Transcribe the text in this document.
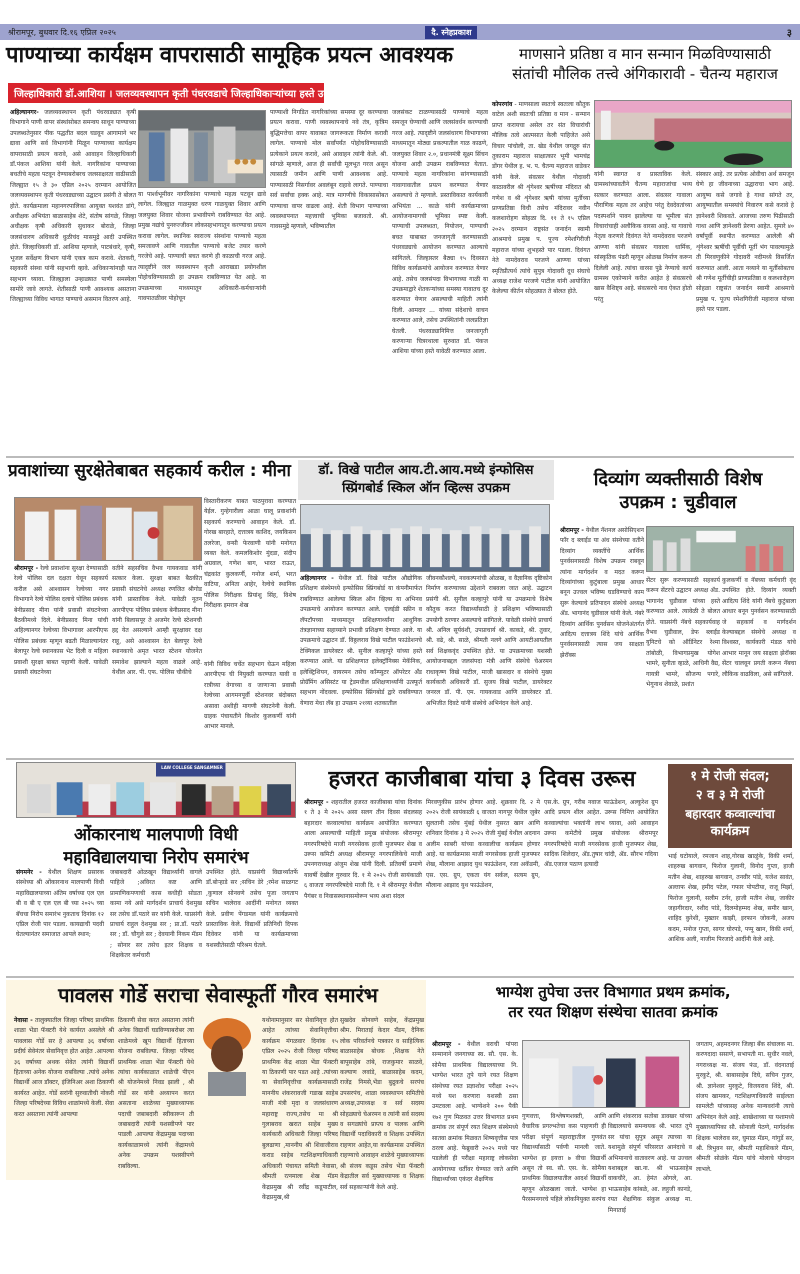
श्रीरामपूर, बुधवार दि.१६ एप्रिल २०२५	दै. स्नेहप्रकाश	३
पाण्याच्या कार्यक्षम वापरासाठी सामूहिक प्रयत्न आवश्यक
जिल्हाधिकारी डॉ.आशिया । जलव्यवस्थापन कृती पंधरवडाचे जिल्हाधिकाऱ्यांच्या हस्ते उदघाटन
अहिल्यानगर- जलव्यवस्थापन कृती पंधरवड्यात कृषी विभागाने पाणी वापर संस्थांसोबत समन्वय साधून पाण्याच्या उपलब्धतेनुसार पीक पद्धतीत बदल घडवून आगामाने भर द्यावा आणि सर्व विभागांनी मिळून पाण्याच्या कार्यक्षम वापरासाठी प्रयत्न करावे, असे आवाहन जिल्हाधिकारी डॉ.पंकज आशिया यांनी केले. नागरिकांना पाण्याच्या बचतीचे महत्व पटवून देण्याबरोबरच जलसाक्षरता वाढीसाठी जिल्ह्यात १५ ते ३० एप्रिल २०२५ दरम्यान आयोजित जलव्यवस्थापन कृती पंधरवड्याच्या उद्घाटन प्रसंगी ते बोलत होते. कार्यक्रमाला महानगरपालिका आयुक्त यशवंत डांगे, अधीक्षक अभियंता बाळासाहेब शेटे, संतोष सांगळे, जिल्हा अधीक्षक कृषी अधिकारी सुधाकर बोराळे, जिल्हा जलसंधारण अधिकारी धुळीचंद मासमुद्रे आदी उपस्थित होते. जिल्हाधिकारी डॉ. आशिया म्हणाले, पाटबंधारे, कृषी, भूजल सर्वेक्षण विभाग यांनी एकत्र काम करावे. शेतकरी, सहकारी संस्था यांनी सहभागी व्हावे. अधिकाऱ्यांनाही यात सहभाग घ्यावा. जिल्ह्याला उन्हाळ्यात पाणी समस्येला सामोरे जावे लागते. शेतीसाठी पाणी आवश्यक असताना जिल्ह्याच्या विविध भागात पाण्याचे असमान वितरण आहे.
या पार्श्वभूमीवर नागरिकांना पाण्याचे महत्व पटवून द्यावे लागेल. जिल्ह्यात गाळमुक्त धरण गाळयुक्त शिवार आणि जलयुक्त शिवार योजना प्रभावीपणे राबविण्यात येत आहे. प्रमुख नद्यांचे पुनरुज्जीवन लोकसहभागातून करण्याचा प्रयत्न करावा लागेल. स्थानिक स्वराज्य संस्थांना पाण्याचे महत्व समजावणे आणि गावातील पाण्याचे बजेट तयार करणे गरजेचे आहे. पाण्याची बचत करणे ही काळाची गरज आहे. त्यादृष्टीने जल व्यवस्थापन कृती आराखडा प्रयोगशील पोहोचविण्यासाठी हा उपक्रम राबविण्यात येत आहे. या उपक्रमाच्या माध्यमातून अधिकारी-कर्मचाऱ्यांनी गावपातळीवर पोहोचून
पाण्याशी निगडित नागरिकांच्या समस्या दूर करण्याचा प्रयत्न करावा. पाणी व्यवस्थापनाचे नवे तंत्र, कृत्रिम बुद्धिमत्तेचा वापर यावाबत जागरूकता निर्माण करावी लागेल. पाण्याचे मोल सर्वांपर्यंत पोहोचविण्यासाठी प्रत्येकाने प्रयत्न करावे, असे आवाहन त्यांनी केले. श्री. सांगळे म्हणाले, आज ही सर्वांची मूलभूत गरज असून त्यासाठी जमीन आणि पाणी आवश्यक आहे. पाण्यासाठी निसर्गावर अवलंबून राहावे लागते. पाण्याचा सर्व सर्वांचा हक्क आहे. मात्र मागणीचे विकासासोबत पाण्याचा वापर वाढला आहे. शेती विभाग पाण्याच्या व्यवस्थापनात महत्त्वाची भूमिका बजावतो. श्री. गावसमुद्रे म्हणाले, भविष्यातील
जलसंकट टाळण्यासाठी पाण्याचे महत्व समजून घेण्याची आणि जलसंवर्धन करण्याची गरज आहे. त्यादृष्टीने जलसंधारण विभागाच्या माध्यमातून मोठ्या प्रकल्पातील गाळ काढणे, जलयुक्त शिवार २.०, प्रधानमंत्री सूक्ष्म सिंचन योजना आदी उपक्रम राबविण्यात येतात. पाण्याचे महत्व नागरिकांना सांगण्यासाठी गावागावातील प्रयत्न करण्यात येणार असल्याचे ते म्हणाले. प्रस्ताविकात कार्यकारी अभियंता ... काळे यांनी कार्यक्रमाच्या आयोजनामागची भूमिका स्पष्ट केली. पाण्याची उपलब्धता, नियोजन, पाण्याची बचत याबाबत जनजागृती करण्यासाठी पंधरवड्याचे आयोजन करण्यात आल्याचे सांगितले. जिल्हास्तर बैठ्या १५ दिवसात विविध कार्यक्रमांचे आयोजन करण्यात येणार आहे. तसेच जलसंपदा विभागाच्या गाळी या उपक्रमाद्वारे शेतकऱ्यांच्या समस्या गावातच दूर करण्यात येणार असल्याची माहिती त्यांनी दिली. आमदार ... यांच्या संदेशाचे वाचन करण्यात आले, तसेच उपस्थितांनी जलप्रतिज्ञा घेतली. पंधरवड्यानिमित्त जनजागृती करणाऱ्या चित्ररथाला सुरुवात डॉ. पंकज आशिया यांच्या हस्ते यावेळी करण्यात आला.
माणसाने प्रतिष्ठा व मान सन्मान मिळविण्यासाठी
संतांची मौलिक तत्त्वे अंगिकारावी - चैतन्य महाराज
कोपरगांव - माणसाला स्वतःचे स्वतःला कौतुक वाटेल अशी स्वतःची प्रतिष्ठा व मान - सन्मान प्राप्त करायचा असेल तर संत विचारांची मौलिक तत्वे आत्मसात केली पाहिजेत असे विचार पांचोली, ता. खेड येथील जगद्गुरु संत तुकाराम महाराज साक्षात्कार भूमी भामचंद्र डोंगर येथील ह. भ. प. चैतन्य महाराज वाडेकर यांनी केले. संवत्सर येथील गोदावरी काठावरील श्री शृंगेश्वर ऋषींच्या मंदिरात श्री गणेश व श्री शृंगेश्वर ऋषी यांच्या मूर्तीच्या प्राणप्रतिष्ठा विधी तसेच मंदिरावर नवीन कलशारोहण सोहळा दि. ११ ते १५ एप्रिल २०२५ दरम्यान राष्ट्रसंत जनार्दन स्वामी आश्रमाचे प्रमुख प. पूज्य रमेशगिरीजी महाराज यांच्या शुभहस्ते पार पडला. दिवंगत नेते नामदेवराव परजणे आण्णा यांच्या स्मृतिप्रीत्यर्थ त्यांचे सुपुत्र गोदावरी दूध संघाचे अध्यक्ष राजेश परजणे पाटील यांनी आयोजित केलेल्या कीर्तन सोहळ्यात ते बोलत होते.
यांनी स्वागत व प्रास्ताविक केले. ग्रामस्थांच्यावतीने चैतन्य महाराजांचा भव्य सत्कार करण्यात आला. संवत्सर गावाला पौराणिक महत्व तर आहेच परंतु देवदेवतांच्या पदस्पर्शाने पावन झालेल्या या भूमीला संत विचारांचाही अलौकिक वारसा आहे. या गावाचे नेतृत्व करणारे दिवंगत नेते नामदेवराव परजणे आण्णा यांनी संवत्सर गावाला धार्मिक, सांस्कृतिक पंढरी म्हणून ओळख निर्माण करून दिलेली आहे. त्यांचा वारसा पुढे नेण्याचे कार्य ग्रामस्थ एकोप्याने करीत आहेत हे संवत्सरचे खास वैशिष्ट्य आहे. संवत्सरचे नाव ऐकत होतो परंतु
संस्कार आहे. तर प्रत्येक ओवीचा अर्थ समजून घेणे हा जीवनाच्या उद्धाराचा भाग आहे. आयुष्य कसे जगावे हे गाथा सांगते तर, आयुष्यातील समस्यांचे निवारण कसे करावे हे ज्ञानेश्वरी शिकवते. आजच्या तरुण पिढीसाठी गाथा आणि ज्ञानेश्वरी प्रेरणा आहेत. सुमारे ४० वर्षांपूर्वी स्थापीत करण्यात आलेली श्री शृंगेश्वर ऋषींची पूर्वीची मूर्ती भंग पावल्यामुळे ती मिरवणुकीने गोदावरी नदीमध्ये विसर्जित करण्यात आली. आता नव्याने या मूर्तीसोबतच श्री गणेश मूर्तीचीही प्राणप्रतिष्ठा व कलशारोहण सोहळा राष्ट्रसंत जनार्दन स्वामी आश्रमाचे प्रमुख प. पूज्य रमेशगिरीजी महाराज यांच्या हस्ते पार पडला.
प्रवाशांच्या सुरक्षेतेबाबत सहकार्य करील : मीना
विस्तारीकरण याबत पाठपुरावा करण्यात येईल. गुन्हेगारीला आळा घालू प्रवाशांनी सहकार्य करण्याचे आवाहन केले. डॉ. गोरख बारहाते, दत्तात्रय काशिद, जयकिसन तलरेजा, वन्सी फेरवाणी यांनी मनोगत व्यक्त केले. कमलकिशोर मुंदडा, संदीप अग्रवाल, गणेश बाग, भारत राऊत, चंद्रकांत कुलकर्णी, गनोज शर्मा, भरत वाटिया, अनिता आहेर, रेल्वेचे स्थानिक पोलिस निरीक्षक प्रियांशु सिंह, विशेष निरीक्षक इमरान शेख
श्रीरामपूर - रेल्वे प्रवाशांना सुरक्षा देण्यासाठी रेल्वे पोलिस दल दक्षता घेवून सहकार्य करील असे आश्वासन रेल्वेच्या नगर विभागाने रेल्वे पोलिस दलाचे पोलिस प्रबंधक बेनीप्रसाद मीना यांनी प्रवासी संघटनेच्या बैठकीमध्ये दिले. बेनीप्रसाद मिना यांची अहिल्यानगर रेल्वेच्या विभागावर आरपीएफ पोलिस प्रबंधक म्हणून बढती मिळाल्यानंतर बेलापूर रेल्वे स्थानकास भेट दिली व महिला प्रवाशी सुरक्षा बाबत पहाणी केली. यावेळी प्रवासी संघटनेच्या
वतीने सहसचिव वैभव गायकवाड यांनी सत्कार केला. सुरक्षा बाबत बैठकीत प्रवासी संघटनेचे अध्यक्ष रणजित श्रीगोड यांनी प्रास्ताविक केले. यावेळी नूतन आरपीएफ पोलिस प्रबंधक बेनीप्रसाद मीना यांनी बिलासपूर ते अजमेर रेल्वे स्टेशनची हद्द येत असल्याने आम्ही सुरक्षावर दक्ष राहू, असे आश्वासन देत बेलापूर रेल्वे स्थानकाचे अमृत भारत स्टेशन योजनेत समावेश झाल्याने महत्व वाढले आहे. येथील आर. पी. एफ. पोलिस चौकीचे
यांनी विविध चर्चेत सहभाग घेऊन महिला आरपीएफ ची नियुक्ती करण्यात यावी व रात्रीच्या वेगाच्या व जाणाऱ्या प्रवासी रेल्वेच्या आगमनपूर्वी स्टेशनवर बंदोबस्त असावा अशीही मागणी संघटनेनी केली. ग्राहक पंचायतीने किशोर कुलकर्णी यांनी आभार मानले.
डॉ. विखे पाटील आय.टी.आय.मध्ये इंन्फोसिस
स्प्रिंगबोर्ड स्किल ऑन व्हिल्स उपक्रम
अहिल्यानगर - येथील डॉ. विखे पाटील औद्योगिक प्रशिक्षण संस्थेमध्ये इन्फोसिस स्प्रिंगबोर्ड या कंपनीमार्फत राबविण्यात आलेल्या स्किल ऑन व्हिल्स या अभिनव उपक्रमाचे आयोजन करण्यात आले. एलईडी स्क्रीन व लॅपटॉपच्या माध्यमातून प्रशिक्षणार्थ्यांना आधुनिक तंत्रज्ञानाच्या सहाय्याने प्रभावी प्रशिक्षण देण्यात आले. या उपक्रमाचे उद्घाटन डॉ. विठ्ठलराव विखे पाटील फाउंडेशनचे टेक्निकल डायरेक्टर श्री. सुनील कल्हापुरे यांच्या हस्ते करण्यात आले. या प्रशिक्षणात इलेक्ट्रॉनिक्स मेकॅनिक, इलेक्ट्रिशियन, वायरमन तसेच कॉम्प्युटर ऑपरेटर अँड प्रोग्रॅमिंग असिस्टंट या ट्रेडमधील प्रशिक्षणार्थ्यांनी उत्स्फूर्त सहभाग नोंदवला. इन्फोसिस स्प्रिंगबोर्ड द्वारे राबविण्यात येणारा मेधा लॅब हा उपक्रम २१व्या शतकातील
जीवनकौशल्ये, नवकल्पनांची ओळख, व वैज्ञानिक दृष्टिकोन निर्माण करण्याच्या उद्देशाने राबवला जात आहे. उद्घाटन प्रसंगी श्री. सुनील कल्हापुरे यांनी या उपक्रमाचे विशेष कौतुक करत विद्यार्थ्यांसाठी हे प्रशिक्षण भविष्यासाठी उपयोगी ठरणार असल्याचे सांगितले. यावेळी संस्थेचे प्राचार्य श्री. अनिल सूर्यवंशी, उपप्राचार्य श्री. काकडे, श्री. तुवार, श्री. वढे, श्री. साळे, श्रीमती नलगे आणि आयटीआयतील सर्व शिक्षकवृंद उपस्थित होते. या उपक्रमाच्या यशस्वी आयोजनाबद्दल जलसंपदा मंत्री आणि संस्थेचे चेअरमन राधाकृष्ण विखे पाटील, माजी खासदार व संस्थेचे मुख्य कार्यकारी अधिकारी डॉ. सुजय विखे पाटील, डायरेक्टर जनरल डॉ. पी. एम. गायकवाड आणि डायरेक्टर डॉ. अभिजीत दिवटे यांनी संस्थेचे अभिनंदन केले आहे.
दिव्यांग व्यक्तीसाठी विशेष
उपक्रम : चुडीवाल
श्रीरामपूर - येथील नॅशनल असोसिएशन फॉर द ब्लाईंड या अंध संस्थेच्या वतीने दिव्यांग व्यक्तींचे आर्थिक पुनर्वसनासाठी विशेष उपक्रम राबवून त्यांना मार्गदर्शन व मदत करून दिव्यांगांच्या कुटुंबाला प्रमुख आधार बनून उज्वल भविष्य घडविण्याचे काम सुरू केल्याचे प्रतिपादन संस्थेचे अध्यक्ष ॲड. भागानंद चुडीवाल यांनी केले. नंबरे दिव्यांग आर्थिक पुनर्वसन योजनेअंतर्गत आदित्य दत्तात्रय शिंदे यांचे आर्थिक पुनर्वसनासाठी त्यास जय साक्षता झेरॉक्स
सेंटर सुरू करण्यासाठी सहकार्य करून सेंटरचे उद्घाटन अध्यक्ष ॲड. भागानंद चुडीवाल यांच्या हस्ते करण्यात आले. त्यावेळी ते बोलत होते. याप्रसंगी नॅबचे सहकार्यवाह वैभव चुडीवाल, डेफ ब्लाईंड युनिटचे को ऑर्डिनेटर रेश्मा तांबोळी, विभागप्रमुख योगेश भामरे, सुनीता व्हाळे, आधिनी वैद्य, गायत्री भामरे, सौजन्य पगारे, भेगूनाथ शेवाळे, प्रशांत
कुलकर्णी व नॅबच्या कर्मचारी वृंद उपस्थित होते. दिव्यांग व्यक्ती आदित्य शिंदे यांनी नॅबचे कुटुंबाला आधार बनून पुनर्वसन करण्यासाठी जे सहकार्य व मार्गदर्शन केल्याबद्दल संस्थेचे अध्यक्ष व विश्वस्त, कार्यकारी मंडळ यांचे आभार मानून जय साक्षता झेरॉक्स सेंटर चालवून प्रगती करून नॅबचा लौकिक वाढविला, असे सांगितले.
LAW COLLEGE SANGAMNER
ओंकारनाथ मालपाणी विधी
महाविद्यालयाचा निरोप समारंभ
संगमनेर - येथील शिक्षण प्रसारक संस्थेच्या श्री ओंकारनाथ मालपाणी विधी महाविद्यालयाच्या अंतिम वर्षाच्या एल एल बी व बी ए एल एल बी च्या २०२५ च्या बॅचचा निरोप समारंभ नुकताच दिनांक १२ एप्रिल रोजी पार पडला. कायद्याची पदवी घेतल्यानंतर समाजात आपले स्थान;
जबाबदारी ओळखून विद्यार्थ्यांनी वागले पाहिजे ;अविरत कष्ट आणि प्रामाणिकपणाची कास कधीही सोडता कामा नये असे मार्गदर्शन प्राचार्य देशमुख सर तसेच डॉ.पठारे सर यांनी केले. याप्रसंगी प्राचार्य राहुल देशमुख सर ; प्रा.डॉ. पठारे सर ; डॉ. चौगुले सर ; देवयानी निकम मॅडम ; सोनार सर तसेच इतर शिक्षक व शिक्षकेतर कर्मचारी
उपस्थित होते. याप्रसंगी विद्यार्थ्यांतर्फे डॉ.बोऱ्हाडे सर ;सचिन डेरे ;रमेश साळगट ,कुणाल सोनवणे तसेच पूजा जगताप सचिन भालेराव आदींनी मनोगत व्यक्त केले. प्रवीण पेंगडमल यांनी कार्यक्रमाचे प्रास्ताविक केले. विद्यार्थी प्रतिनिधी दिपक दिवेकर यांनी या कार्यक्रमाच्या यशस्वीतेसाठी परिश्रम घेतले.
हजरत काजीबाबा यांचा ३ दिवस उरूस
श्रीरामपूर - शहरातील हजरत काजीबाबा यांचा दिनांक १ ते ३ मे २०२५ असा सलग तीन दिवस संदलसह बहारदार कव्वाल्यांचा कार्यक्रम आयोजित करण्यात आला असल्याची माहिती प्रमुख संयोजक श्रीरामपूर नगरपरिषदेचे माजी नगरसेवक हाजी मुजफ्फर शेख व उरूस कमिटी अध्यक्ष श्रीरामपूर नगरपालिकेचे माजी उपनगराध्यक्ष अंजुम शेख यांनी दिली. प्रतिवर्षी प्रमाणे यावर्षी देखील गुरुवार दि. १ मे २०२५ रोजी सायंकाळी ६ वाजता नगरपरिषदेचे माजी दि. १ मे श्रीरामपूर येथील पैगंबर व निवासस्थानासमोरून भव्य अशा संदल
मिरवणुकीस प्रारंभ होणार आहे. शुक्रवार दि. २ मे २०२५ रोजी सायंकाळी ६ वाजता नागपूर येथील जुबेर सुलतानी तसेच मुंबई येथील नुसरत खान आणि शनिवार दिनांक ३ मे २०२५ रोजी मुंबई येथील अदनान अलीम साबरी यांच्या कव्वालीचा कार्यक्रम होणार आहे. या कार्यक्रमास माजी नगरसेवक हाजी मुजफ्फर शेख, मौलाना आझाद युथ फाऊंडेशन, रजा अकॅडमी, एस. एस. ग्रुप, एकता यंग सर्कल, सत्यम ग्रुप, मौलाना आझाद युथ फाऊंडेशन,
एस.के. ग्रुप, गरीब नवाज फाऊंडेशन, अल्कुरेश ग्रुप आदि प्रयत्न शील आहेत. उरूस निमित्त आयोजित कव्वाल्यांचा भक्तांनी लाभ घ्यावा, असे आवाहन उरूस कमेटीचे प्रमुख संयोजक श्रीरामपूर नगरपरिषदेचे माजी नगरसेवक हाजी मुजफ्फर शेख, सादिक शिलेदार, ॲड.तुषार चांदी, ॲड. सौरभ गदिया ॲड.एजाज पठाण इत्यादी
१ मे रोजी संदल;
२ व ३ मे रोजी
बहारदार कव्वाल्यांचा
कार्यक्रम
भाई घटोयाले, रमजान शाह,गोरख खाळुंके, विकी शर्मा, शाहरुख बागवान, फिरोज गुलानी, विनोद गुप्ता, हाजी मतीन शेख, शाहरुख बागवान, तनवीर पांडे, यजेश सावंत, अल्ताफ शेख, हमीद पटेल, गफार पोपटीया, राजू मिर्झा, फिरोज गुलानी, सलीम टर्नर, हाजी मतीन शेख, जाकीर जहागीरदार, रशीद पांडे, दिलमोहम्मद शेख, समीर खान, शाहिद कुरेशी, मुख्तार काझी, इरफान जोकनी, अजय कदम, मनोज गुप्ता, सागर घोरपडे, पप्पू खान, विकी शर्मा, आशिक अली, नाजीम पिरजादे आदींनी केले आहे.
पावलस गोर्डे सराचा सेवास्फूर्ती गौरव समारंभ
नेवासा - तालुक्यातील जिल्हा परिषद प्राथमिक शाळा भेंडा फॅक्टरी येथे कार्यरत असलेले श्री पावलास गोर्डे सर हे आपल्या ३६ वर्षाच्या प्रदीर्घ सेवेनंतर सेवानिवृत्त होत आहेत .आपल्या ३६ वर्षाच्या अथक सेवेत त्यांनी विद्यार्थी हिताच्या अनेक योजना राबविल्या .त्यांचे अनेक विद्यार्थी आज डॉक्टर, इंजिनिअर अशा ठिकाणी कार्यरत आहेत. गोर्डे सरांनी सुरुवातीची नोकरी जिल्हा परिषदेच्या विविध शाळांमध्ये केली. सेवा करत असताना त्यांनी आपल्या
ठिकाणी सेवा करत असताना त्यांनी अनेक विद्यार्थी घडविण्याबरोबर त्या शाळेमध्ये खूप विद्यार्थी हिताच्या योजना राबविल्या. जिल्हा परिषद प्राथमिक शाळा भेंडा फॅक्टरी येथे त्यांचा कार्यकाळात शाळेची पीएन श्री योजनेमध्ये निवड झाली , श्री गोर्डे सर यांनी अध्यापन करत असताना शाळेच्या मुख्याध्यापक पदाची जबाबदारी स्वीकारून ती जबाबदारी त्यांनी यशस्वीपणे पार पाडली .आपल्या केंद्रप्रमुख पदाच्या कार्यकाळामध्ये त्यांनी केंद्रामध्ये अनेक उपक्रम यशस्वीपणे राबविल्या.
यथोनामानुसार सर सेवानिवृत्त होत आहेत त्यांच्या सेवानिवृत्तीचा कार्यक्रम मंगळवार दिनांक १५ एप्रिल २०२५ रोजी जिल्हा परिषद प्राथमिक केंद्र शाळा भेंडा फॅक्टरी या ठिकाणी पार पडत आहे .त्यांच्या या सेवानिवृत्तीचा कार्यक्रमासाठी माननीय शंकररावजी गडाख साहेब माजी मंत्री मृदा व जलसंधारण महाराष्ट्र राज्य,तसेच मा श्री गुलाबराव खरात साहेब मुख्य कार्यकारी अधिकारी जिल्हा परिषद बुलढाणा ,माननीय श्री शिवाजीराव कराड साहेब गटशिक्षणाधिकारी अधिकारी पंचायत समिती नेवासा, श्रीमती रत्नमाला शेख मॅडम केंद्रप्रमुख श्री रवींद्र कडूपाटील, केंद्रप्रमुख,श्री
सुखदेव सोनवणे साहेब, केंद्रप्रमुख श्रीम. मिराताई केदार मॅडम, दैनिक लोक परिवर्तनचे पत्रकार व साहित्यिक बाळासाहेब बोधक ,शिक्षक नेते बापूसाहेब तांबे, राजकुमार साळवे, कल्याण लवांडे, बाळासाहेब कदम, राजेंद्र निमसे,भेंडा बुद्रुकचे सरपंच उपसरपंच, शाळा व्यवस्थापन समितीचे अध्यक्ष,उपाध्यक्ष व सर्व सदस्य सोहळ्याचे चेअरमन व त्यांनी सर्व सदस्य व सगळ्यांचे प्राप्त्य व पालक आणि विद्यार्थी पदाधिकारी व शिक्षक उपस्थित राहणार आहेत,या कार्यक्रमास उपस्थित राहण्याचे आवाहन शाळेचे मुख्याध्यापक श्री संजय कडूस तसेच भेंडा फॅक्टरी केंद्रातील सर्व मुख्याध्यापक व शिक्षक सर्व सहकाऱ्यांनी केले आहे.
भाग्येश तुपेचा उत्तर विभागात प्रथम क्रमांक,
तर रयत शिक्षण संस्थेचा सातवा क्रमांक
श्रीरामपूर - येथील वराची पांपरा सन्मानाने जनगाच्या स्व. सौ. एस. के. सोमैया प्राथमिक विद्यालयाच्या नि. भाग्येश भारत तुपे याने रयत शिक्षण संस्थेच्या रयत प्रज्ञाशोध परीक्षा २०२५ मध्ये यश करणारा यशस्वी ठसा उमटवला आहे. भाग्येशने २०० पैकी १७२ गुण मिळवत उत्तर विभागात प्रथम क्रमांक तर संपूर्ण रयत शिक्षण संस्थेमध्ये सातवा क्रमांक मिळवत शिष्यवृत्तीस पात्र ठरला आहे. फेब्रुवारी २०२५ मध्ये पार पडलेली ही परीक्षा महाराष्ट्र लोकसेवा आयोगाच्या धर्तीवर घेण्यात जाते आणि विद्यार्थ्यांच्या एकंदर शैक्षणिक
गुणवत्ता, विश्लेषणशक्ती, आणि वैचारिक प्रगल्भतेचा कस पाहणारी ही परीक्षा संपूर्ण महाराष्ट्रातील गुणवंत विद्यार्थ्यांसाठी पर्वणी मानली जाते. भाग्येश हा इयत्ता ७ वीचा विद्यार्थी असून तो स्व. सौ. एस. के. सोमैया प्राथमिक विद्यालयातील आदर्श विद्यार्थी म्हणून ओळखला जातो. भाग्येश हा पैरसमनगरचे पहिले लोकनियुक्त सरपंच
आणि शंकरराव सतोबा डावखर यांच्या विद्यालयाचे समन्वयक श्री. भारत तुपे सर यांचा सुपुत्र असून त्याच्या या यशामुळे संपूर्ण परिसरात आनंदाचे व अभिमानाचे वातावरण आहे. या उज्वल यशाबद्दल खा.ना. श्री भाऊसाहेब वाकचौरे, आ. हेमंत ओगले, आ. भाऊसाहेब कांबळे, आ. लहुजी कानडे, रयत शैक्षणिक संकुल अध्यक्ष मा. मिनाताई
जगताप, अहमदनगर जिल्हा बँक संचालक मा. करणदादा ससाणे, सभापती मा. सुधीर नवले, नगराध्यक्ष मा. संजय फंड, डॉ. वंदनाताई मुरकुटे, श्री. बाबासाहेब दिघे, सचिन गुजर, श्री. ज्ञानेश्वर मुरकुटे, विजयराव शिंदे, श्री. संजय खामकर, गटशिक्षणाधिकारी साईलता सामलेटी यांच्यासह अनेक मान्यवरांनी त्याचे अभिनंदन केले आहे. शाखेशाच्या या यशामध्ये मुख्याध्यापिका सौ. सोनाली पेठणे, मार्गदर्शक शिक्षक भालेराव सर, घुमाळ मॅडम, गांगुर्डे सर, श्री. त्रिभुवन सर, श्रीमती महाशिकारे मॅडम, श्रीमती सोळंके मॅडम यांचे मोलाचे योगदान लाभले.
